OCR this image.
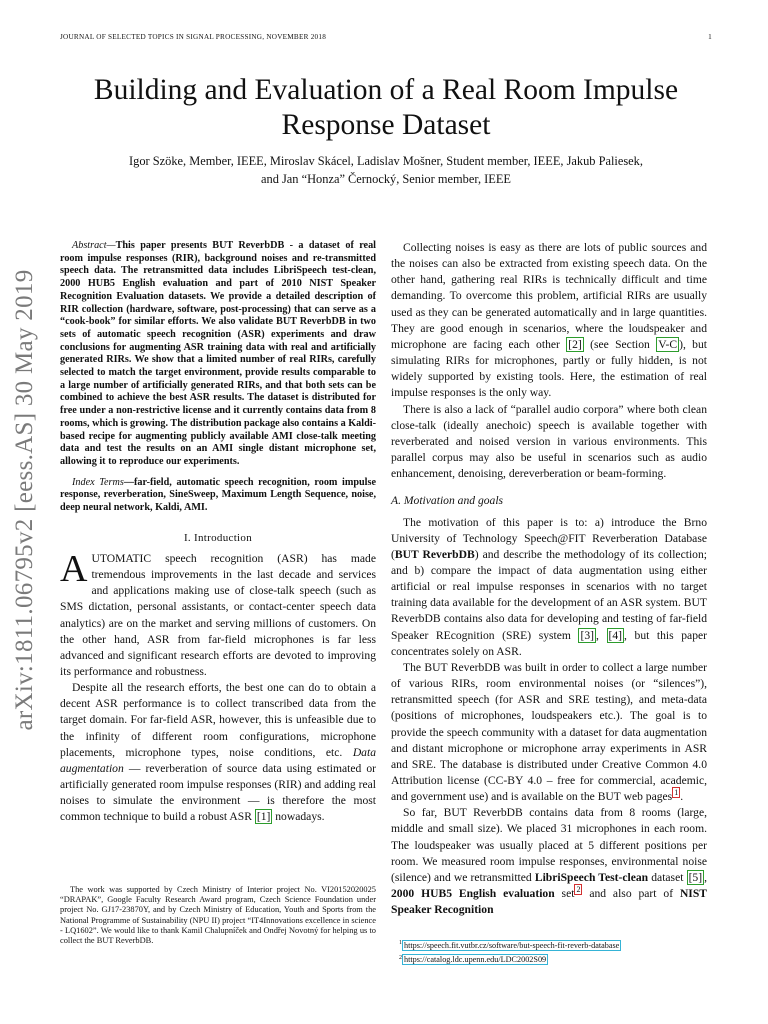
JOURNAL OF SELECTED TOPICS IN SIGNAL PROCESSING, NOVEMBER 2018	1
arXiv:1811.06795v2 [eess.AS] 30 May 2019
Building and Evaluation of a Real Room Impulse Response Dataset
Igor Szöke, Member, IEEE, Miroslav Skácel, Ladislav Mošner, Student member, IEEE, Jakub Paliesek,
and Jan “Honza” Černocký, Senior member, IEEE

Abstract—This paper presents BUT ReverbDB - a dataset of real room impulse responses (RIR), background noises and re-transmitted speech data. The retransmitted data includes LibriSpeech test-clean, 2000 HUB5 English evaluation and part of 2010 NIST Speaker Recognition Evaluation datasets. We provide a detailed description of RIR collection (hardware, software, post-processing) that can serve as a “cook-book” for similar efforts. We also validate BUT ReverbDB in two sets of automatic speech recognition (ASR) experiments and draw conclusions for augmenting ASR training data with real and artificially generated RIRs. We show that a limited number of real RIRs, carefully selected to match the target environment, provide results comparable to a large number of artificially generated RIRs, and that both sets can be combined to achieve the best ASR results. The dataset is distributed for free under a non-restrictive license and it currently contains data from 8 rooms, which is growing. The distribution package also contains a Kaldi-based recipe for augmenting publicly available AMI close-talk meeting data and test the results on an AMI single distant microphone set, allowing it to reproduce our experiments.

Index Terms—far-field, automatic speech recognition, room impulse response, reverberation, SineSweep, Maximum Length Sequence, noise, deep neural network, Kaldi, AMI.

I. Introduction

AUTOMATIC speech recognition (ASR) has made tremendous improvements in the last decade and services and applications making use of close-talk speech (such as SMS dictation, personal assistants, or contact-center speech data analytics) are on the market and serving millions of customers. On the other hand, ASR from far-field microphones is far less advanced and significant research efforts are devoted to improving its performance and robustness.

Despite all the research efforts, the best one can do to obtain a decent ASR performance is to collect transcribed data from the target domain. For far-field ASR, however, this is unfeasible due to the infinity of different room configurations, microphone placements, microphone types, noise conditions, etc. Data augmentation — reverberation of source data using estimated or artificially generated room impulse responses (RIR) and adding real noises to simulate the environment — is therefore the most common technique to build a robust ASR [1] nowadays.

The work was supported by Czech Ministry of Interior project No. VI20152020025 “DRAPAK”, Google Faculty Research Award program, Czech Science Foundation under project No. GJ17-23870Y, and by Czech Ministry of Education, Youth and Sports from the National Programme of Sustainability (NPU II) project “IT4Innovations excellence in science - LQ1602”. We would like to thank Kamil Chalupníček and Ondřej Novotný for helping us to collect the BUT ReverbDB.

Collecting noises is easy as there are lots of public sources and the noises can also be extracted from existing speech data. On the other hand, gathering real RIRs is technically difficult and time demanding. To overcome this problem, artificial RIRs are usually used as they can be generated automatically and in large quantities. They are good enough in scenarios, where the loudspeaker and microphone are facing each other [2] (see Section V-C ), but simulating RIRs for microphones, partly or fully hidden, is not widely supported by existing tools. Here, the estimation of real impulse responses is the only way.

There is also a lack of “parallel audio corpora” where both clean close-talk (ideally anechoic) speech is available together with reverberated and noised version in various environments. This parallel corpus may also be useful in scenarios such as audio enhancement, denoising, dereverberation or beam-forming.

A. Motivation and goals

The motivation of this paper is to: a) introduce the Brno University of Technology Speech@FIT Reverberation Database (BUT ReverbDB) and describe the methodology of its collection; and b) compare the impact of data augmentation using either artificial or real impulse responses in scenarios with no target training data available for the development of an ASR system. BUT ReverbDB contains also data for developing and testing of far-field Speaker REcognition (SRE) system [3] , [4] , but this paper concentrates solely on ASR.

The BUT ReverbDB was built in order to collect a large number of various RIRs, room environmental noises (or “silences”), retransmitted speech (for ASR and SRE testing), and meta-data (positions of microphones, loudspeakers etc.). The goal is to provide the speech community with a dataset for data augmentation and distant microphone or microphone array experiments in ASR and SRE. The database is distributed under Creative Common 4.0 Attribution license (CC-BY 4.0 – free for commercial, academic, and government use) and is available on the BUT web pages $^1$ .

So far, BUT ReverbDB contains data from 8 rooms (large, middle and small size). We placed 31 microphones in each room. The loudspeaker was usually placed at 5 different positions per room. We measured room impulse responses, environmental noise (silence) and we retransmitted LibriSpeech Test-clean dataset [5] , 2000 HUB5 English evaluation set $^2$ and also part of NIST Speaker Recognition

$^1$ https://speech.fit.vutbr.cz/software/but-speech-fit-reverb-database
$^2$ https://catalog.ldc.upenn.edu/LDC2002S09
